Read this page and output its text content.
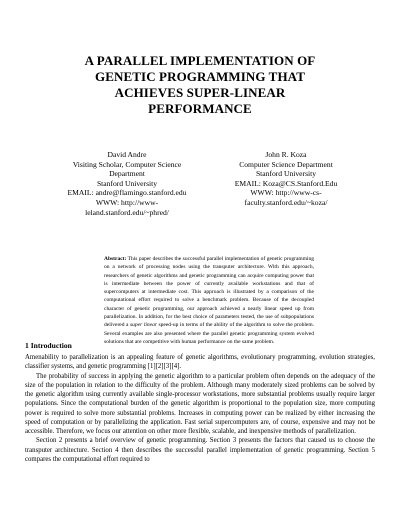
A PARALLEL IMPLEMENTATION OF
GENETIC PROGRAMMING THAT
ACHIEVES SUPER-LINEAR
PERFORMANCE
David Andre
Visiting Scholar, Computer Science
Department
Stanford University
EMAIL: andre@flamingo.stanford.edu
WWW: http://www-
leland.stanford.edu/~phred/
John R. Koza
Computer Science Department
Stanford University
EMAIL: Koza@CS.Stanford.Edu
WWW: http://www-cs-
faculty.stanford.edu/~koza/
Abstract: This paper describes the successful parallel implementation of genetic programming on a network of processing nodes using the transputer architecture. With this approach, researchers of genetic algorithms and genetic programming can acquire computing power that is intermediate between the power of currently available workstations and that of supercomputers at intermediate cost. This approach is illustrated by a comparison of the computational effort required to solve a benchmark problem. Because of the decoupled character of genetic programming, our approach achieved a nearly linear speed up from parallelization. In addition, for the best choice of parameters tested, the use of subpopulations delivered a super linear speed-up in terms of the ability of the algorithm to solve the problem. Several examples are also presented where the parallel genetic programming system evolved solutions that are competitive with human performance on the same problem.
1 Introduction

Amenability to parallelization is an appealing feature of genetic algorithms, evolutionary programming, evolution strategies, classifier systems, and genetic programming [1][2][3][4].

The probability of success in applying the genetic algorithm to a particular problem often depends on the adequacy of the size of the population in relation to the difficulty of the problem. Although many moderately sized problems can be solved by the genetic algorithm using currently available single-processor workstations, more substantial problems usually require larger populations. Since the computational burden of the genetic algorithm is proportional to the population size, more computing power is required to solve more substantial problems. Increases in computing power can be realized by either increasing the speed of computation or by parallelizing the application. Fast serial supercomputers are, of course, expensive and may not be accessible. Therefore, we focus our attention on other more flexible, scalable, and inexpensive methods of parallelization.

Section 2 presents a brief overview of genetic programming. Section 3 presents the factors that caused us to choose the transputer architecture. Section 4 then describes the successful parallel implementation of genetic programming. Section 5 compares the computational effort required to
